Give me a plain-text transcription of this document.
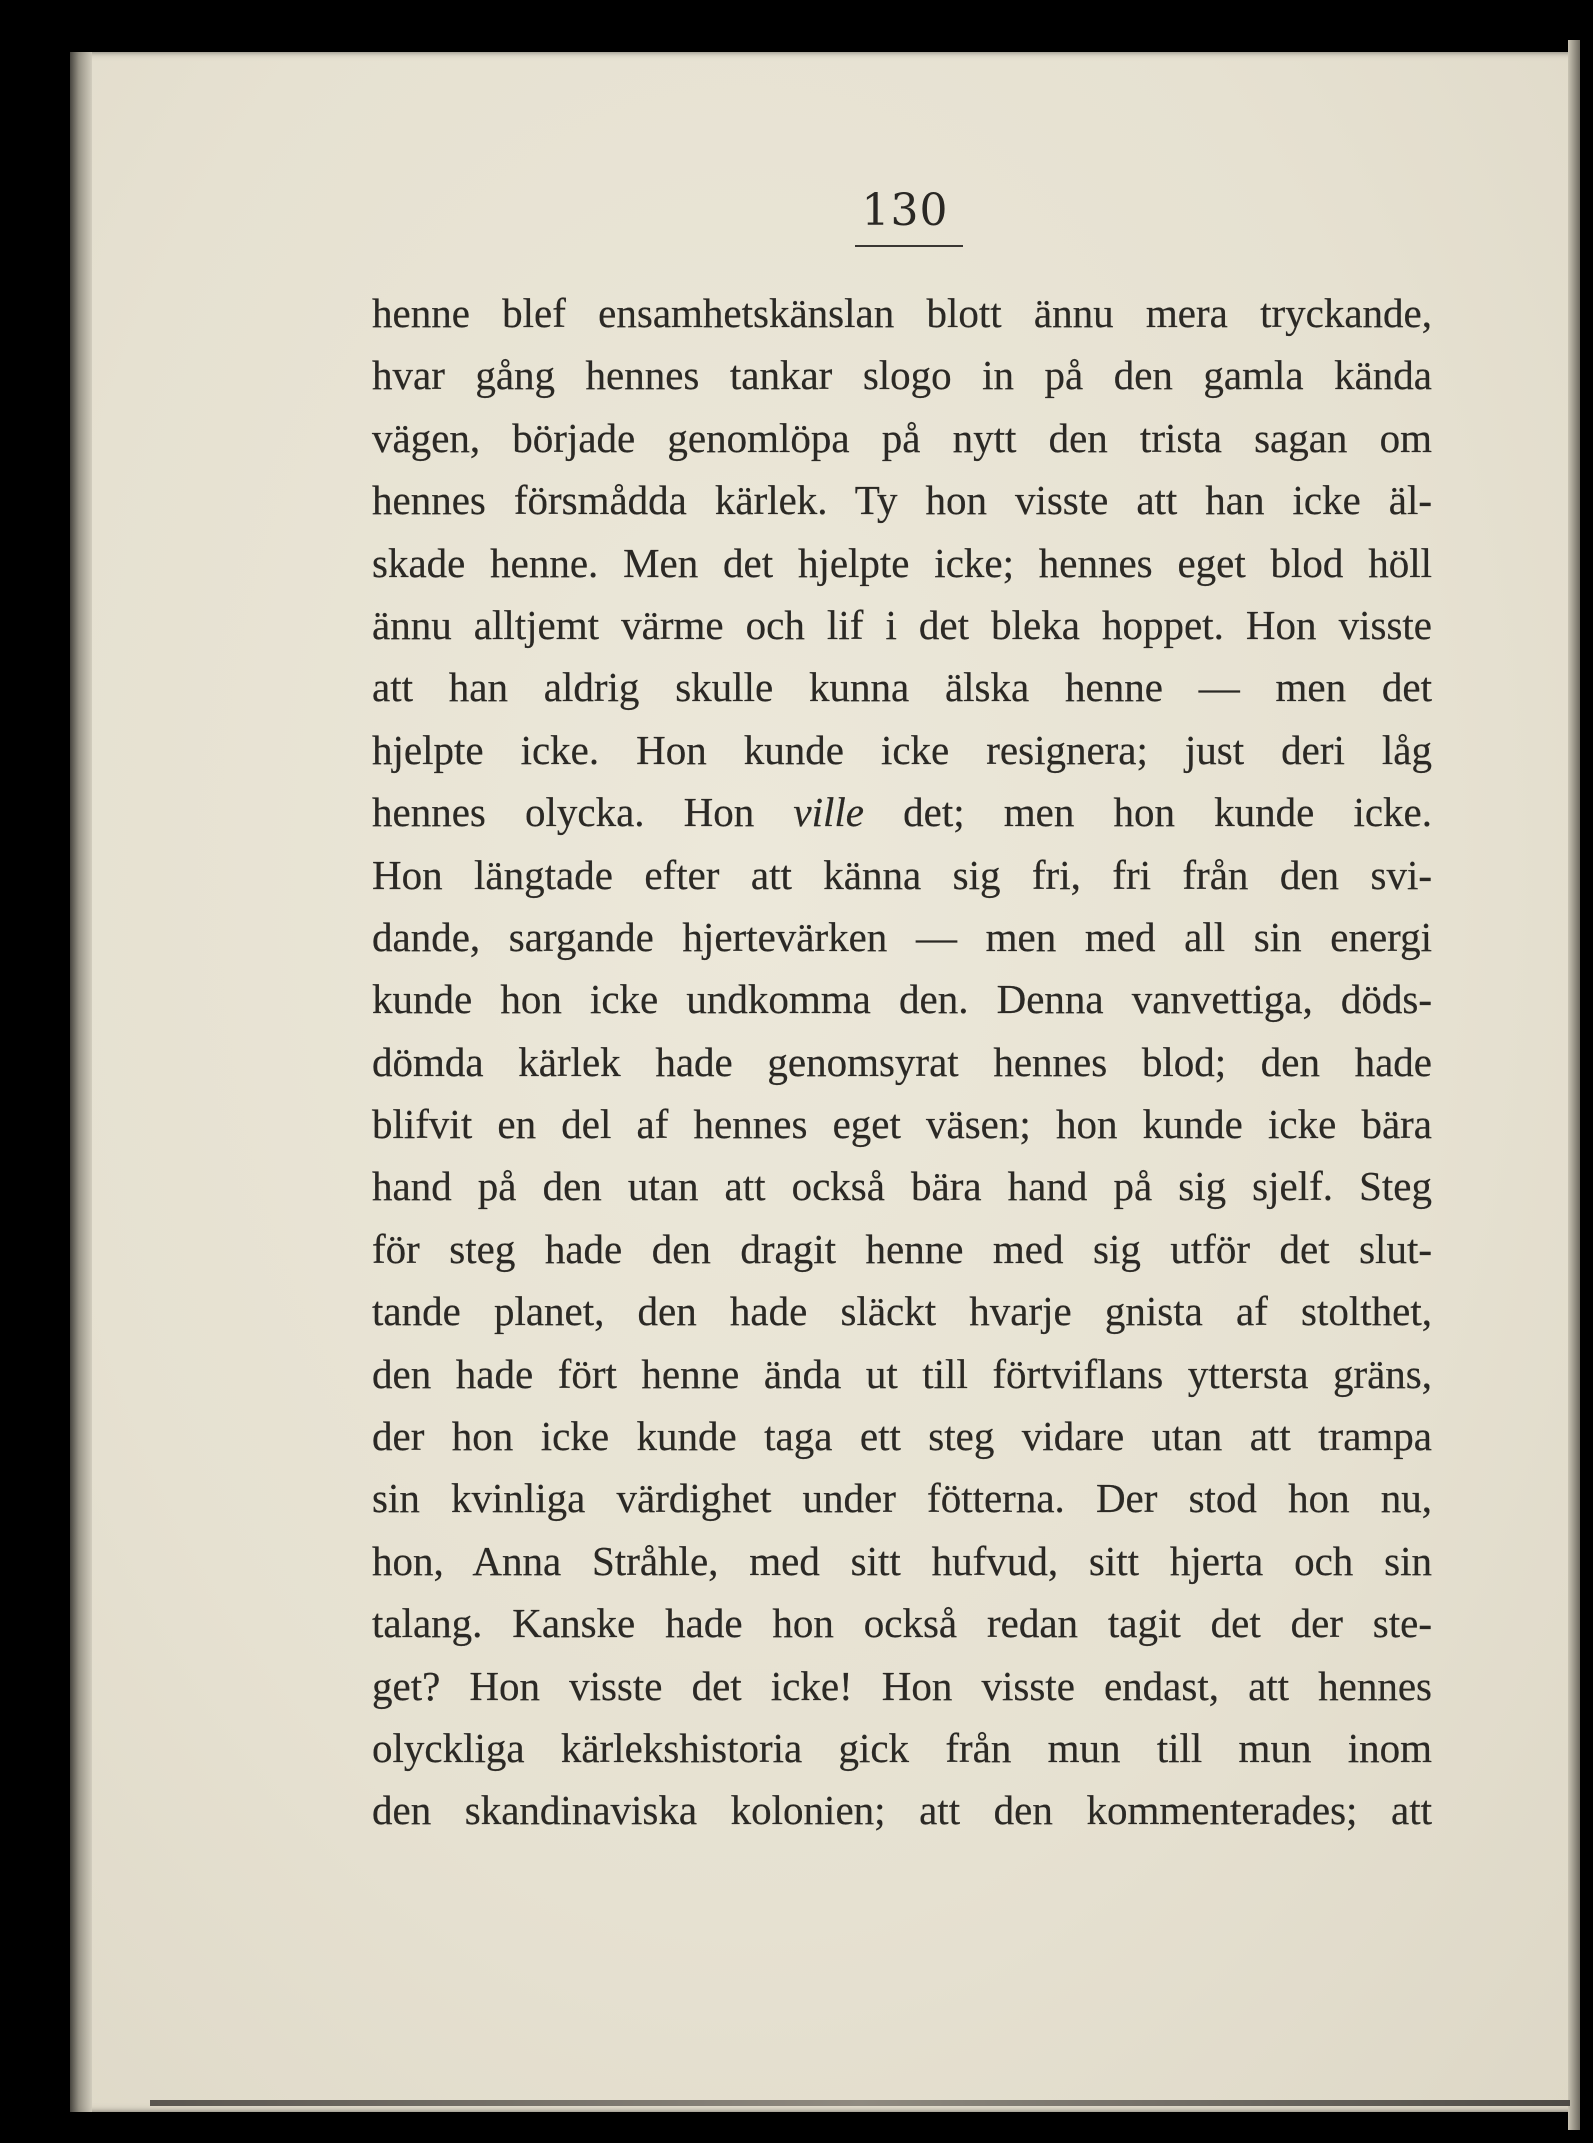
130
henne blef ensamhetskänslan blott ännu mera tryckande,
hvar gång hennes tankar slogo in på den gamla kända
vägen, började genomlöpa på nytt den trista sagan om
hennes försmådda kärlek. Ty hon visste att han icke äl-
skade henne. Men det hjelpte icke; hennes eget blod höll
ännu alltjemt värme och lif i det bleka hoppet. Hon visste
att han aldrig skulle kunna älska henne — men det
hjelpte icke. Hon kunde icke resignera; just deri låg
hennes olycka. Hon ville det; men hon kunde icke.
Hon längtade efter att känna sig fri, fri från den svi-
dande, sargande hjertevärken — men med all sin energi
kunde hon icke undkomma den. Denna vanvettiga, döds-
dömda kärlek hade genomsyrat hennes blod; den hade
blifvit en del af hennes eget väsen; hon kunde icke bära
hand på den utan att också bära hand på sig sjelf. Steg
för steg hade den dragit henne med sig utför det slut-
tande planet, den hade släckt hvarje gnista af stolthet,
den hade fört henne ända ut till förtviflans yttersta gräns,
der hon icke kunde taga ett steg vidare utan att trampa
sin kvinliga värdighet under fötterna. Der stod hon nu,
hon, Anna Stråhle, med sitt hufvud, sitt hjerta och sin
talang. Kanske hade hon också redan tagit det der ste-
get? Hon visste det icke! Hon visste endast, att hennes
olyckliga kärlekshistoria gick från mun till mun inom
den skandinaviska kolonien; att den kommenterades; att
